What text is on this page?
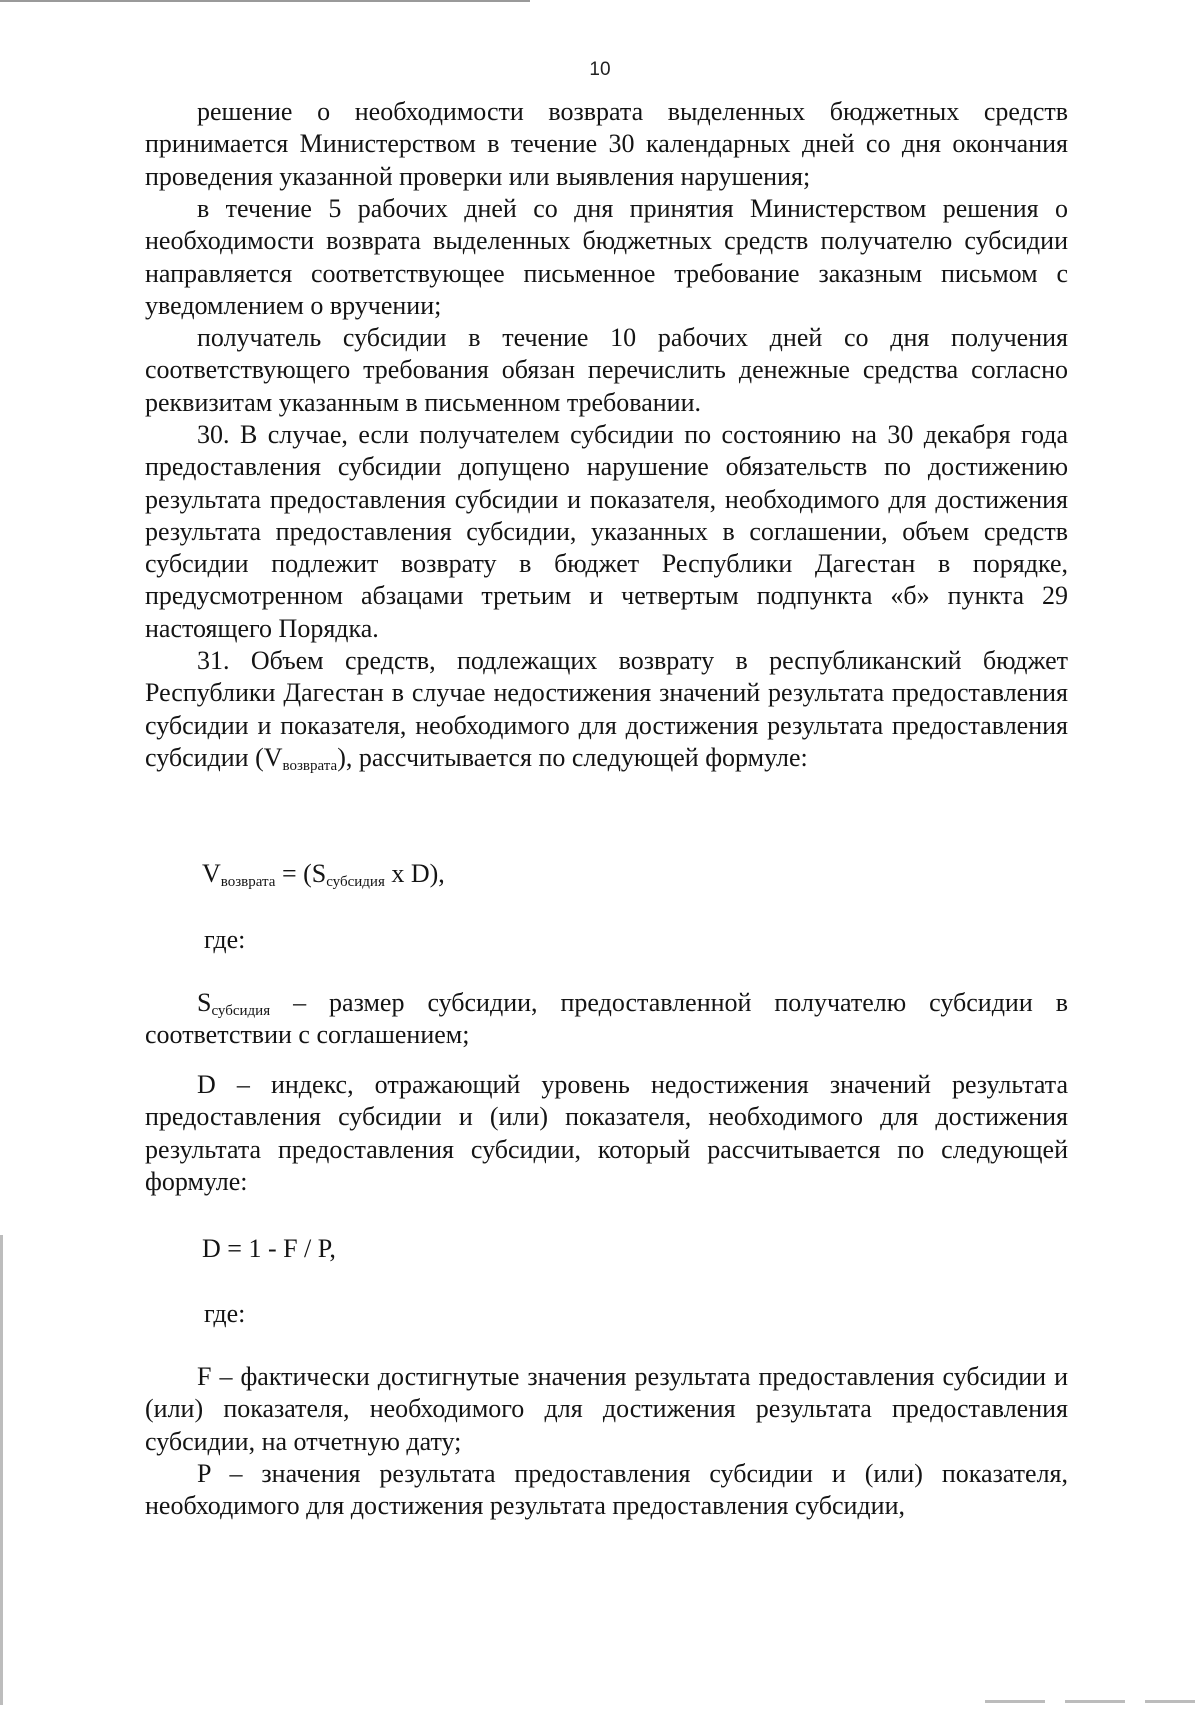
10

решение о необходимости возврата выделенных бюджетных средств принимается Министерством в течение 30 календарных дней со дня окончания проведения указанной проверки или выявления нарушения;

в течение 5 рабочих дней со дня принятия Министерством решения о необходимости возврата выделенных бюджетных средств получателю субсидии направляется соответствующее письменное требование заказным письмом с уведомлением о вручении;

получатель субсидии в течение 10 рабочих дней со дня получения соответствующего требования обязан перечислить денежные средства согласно реквизитам указанным в письменном требовании.

30. В случае, если получателем субсидии по состоянию на 30 декабря года предоставления субсидии допущено нарушение обязательств по достижению результата предоставления субсидии и показателя, необходимого для достижения результата предоставления субсидии, указанных в соглашении, объем средств субсидии подлежит возврату в бюджет Республики Дагестан в порядке, предусмотренном абзацами третьим и четвертым подпункта «б» пункта 29 настоящего Порядка.

31. Объем средств, подлежащих возврату в республиканский бюджет Республики Дагестан в случае недостижения значений результата предоставления субсидии и показателя, необходимого для достижения результата предоставления субсидии $(V_{возврата})$, рассчитывается по следующей формуле:

$V_{возврата} = (S_{субсидия}$ x D),
где:

$S_{субсидия}$ – размер субсидии, предоставленной получателю субсидии в соответствии с соглашением;

D – индекс, отражающий уровень недостижения значений результата предоставления субсидии и (или) показателя, необходимого для достижения результата предоставления субсидии, который рассчитывается по следующей формуле:

D = 1 - F / P,
где:

F – фактически достигнутые значения результата предоставления субсидии и (или) показателя, необходимого для достижения результата предоставления субсидии, на отчетную дату;

P – значения результата предоставления субсидии и (или) показателя, необходимого для достижения результата предоставления субсидии,
